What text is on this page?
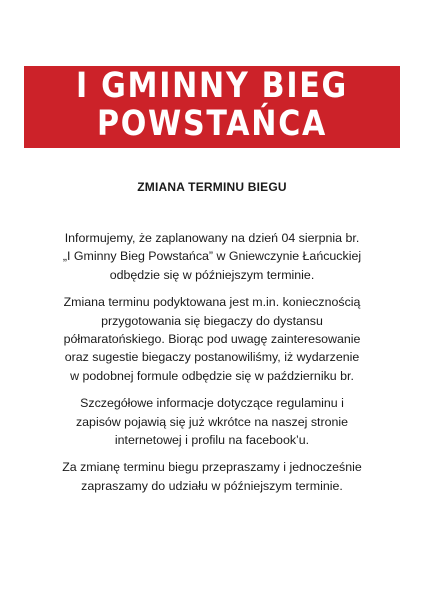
I GMINNY BIEG
POWSTAŃCA
ZMIANA TERMINU BIEGU

Informujemy, że zaplanowany na dzień 04 sierpnia br.
„I Gminny Bieg Powstańca” w Gniewczynie Łańcuckiej
odbędzie się w późniejszym terminie.

Zmiana terminu podyktowana jest m.in. koniecznością
przygotowania się biegaczy do dystansu
półmaratońskiego. Biorąc pod uwagę zainteresowanie
oraz sugestie biegaczy postanowiliśmy, iż wydarzenie
w podobnej formule odbędzie się w październiku br.

Szczegółowe informacje dotyczące regulaminu i
zapisów pojawią się już wkrótce na naszej stronie
internetowej i profilu na facebook’u.

Za zmianę terminu biegu przepraszamy i jednocześnie
zapraszamy do udziału w późniejszym terminie.
